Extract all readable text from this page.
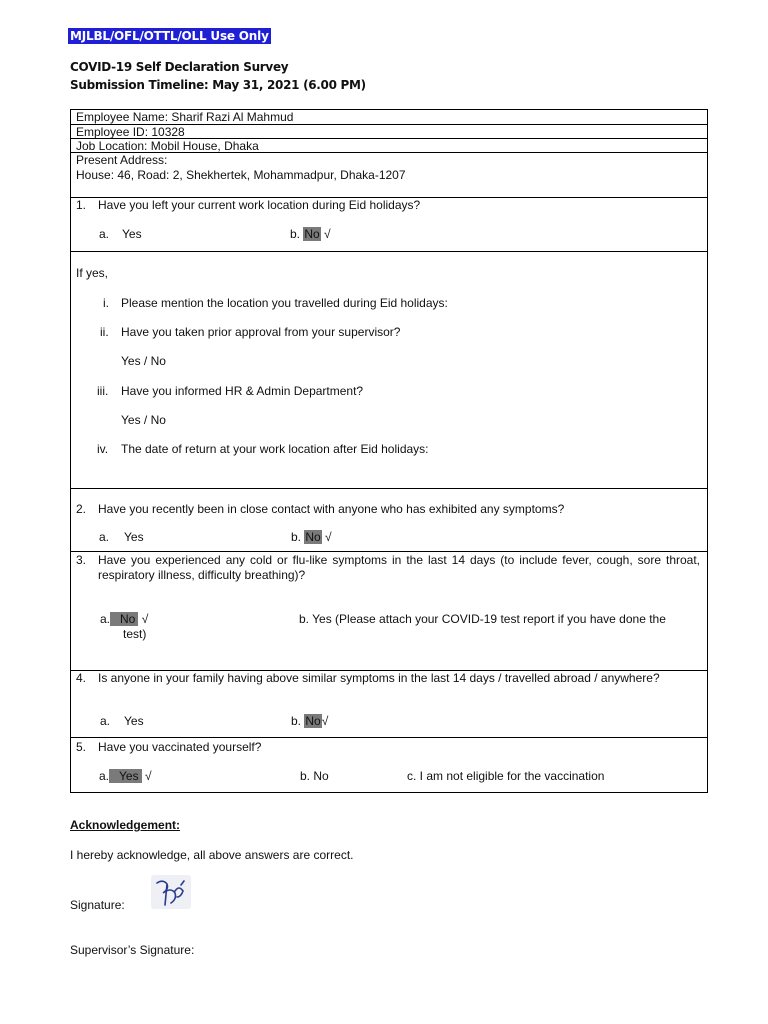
MJLBL/OFL/OTTL/OLL Use Only
COVID-19 Self Declaration Survey
Submission Timeline: May 31, 2021 (6.00 PM)
Employee Name: Sharif Razi Al Mahmud
Employee ID: 10328
Job Location: Mobil House, Dhaka
Present Address:
House: 46, Road: 2, Shekhertek, Mohammadpur, Dhaka-1207
1. Have you left your current work location during Eid holidays?
a. Yes	b. No √
If yes,
i. Please mention the location you travelled during Eid holidays:
ii. Have you taken prior approval from your supervisor?
Yes / No
iii. Have you informed HR & Admin Department?
Yes / No
iv. The date of return at your work location after Eid holidays:
2. Have you recently been in close contact with anyone who has exhibited any symptoms?
a. Yes	b. No √
3. Have you experienced any cold or flu-like symptoms in the last 14 days (to include fever, cough, sore throat, respiratory illness, difficulty breathing)?
a. No √	b. Yes (Please attach your COVID-19 test report if you have done the
test)
4. Is anyone in your family having above similar symptoms in the last 14 days / travelled abroad / anywhere?
a. Yes	b. No√
5. Have you vaccinated yourself?
a. Yes √	b. No	c. I am not eligible for the vaccination
Acknowledgement:
I hereby acknowledge, all above answers are correct.
Signature:
Supervisor’s Signature:
